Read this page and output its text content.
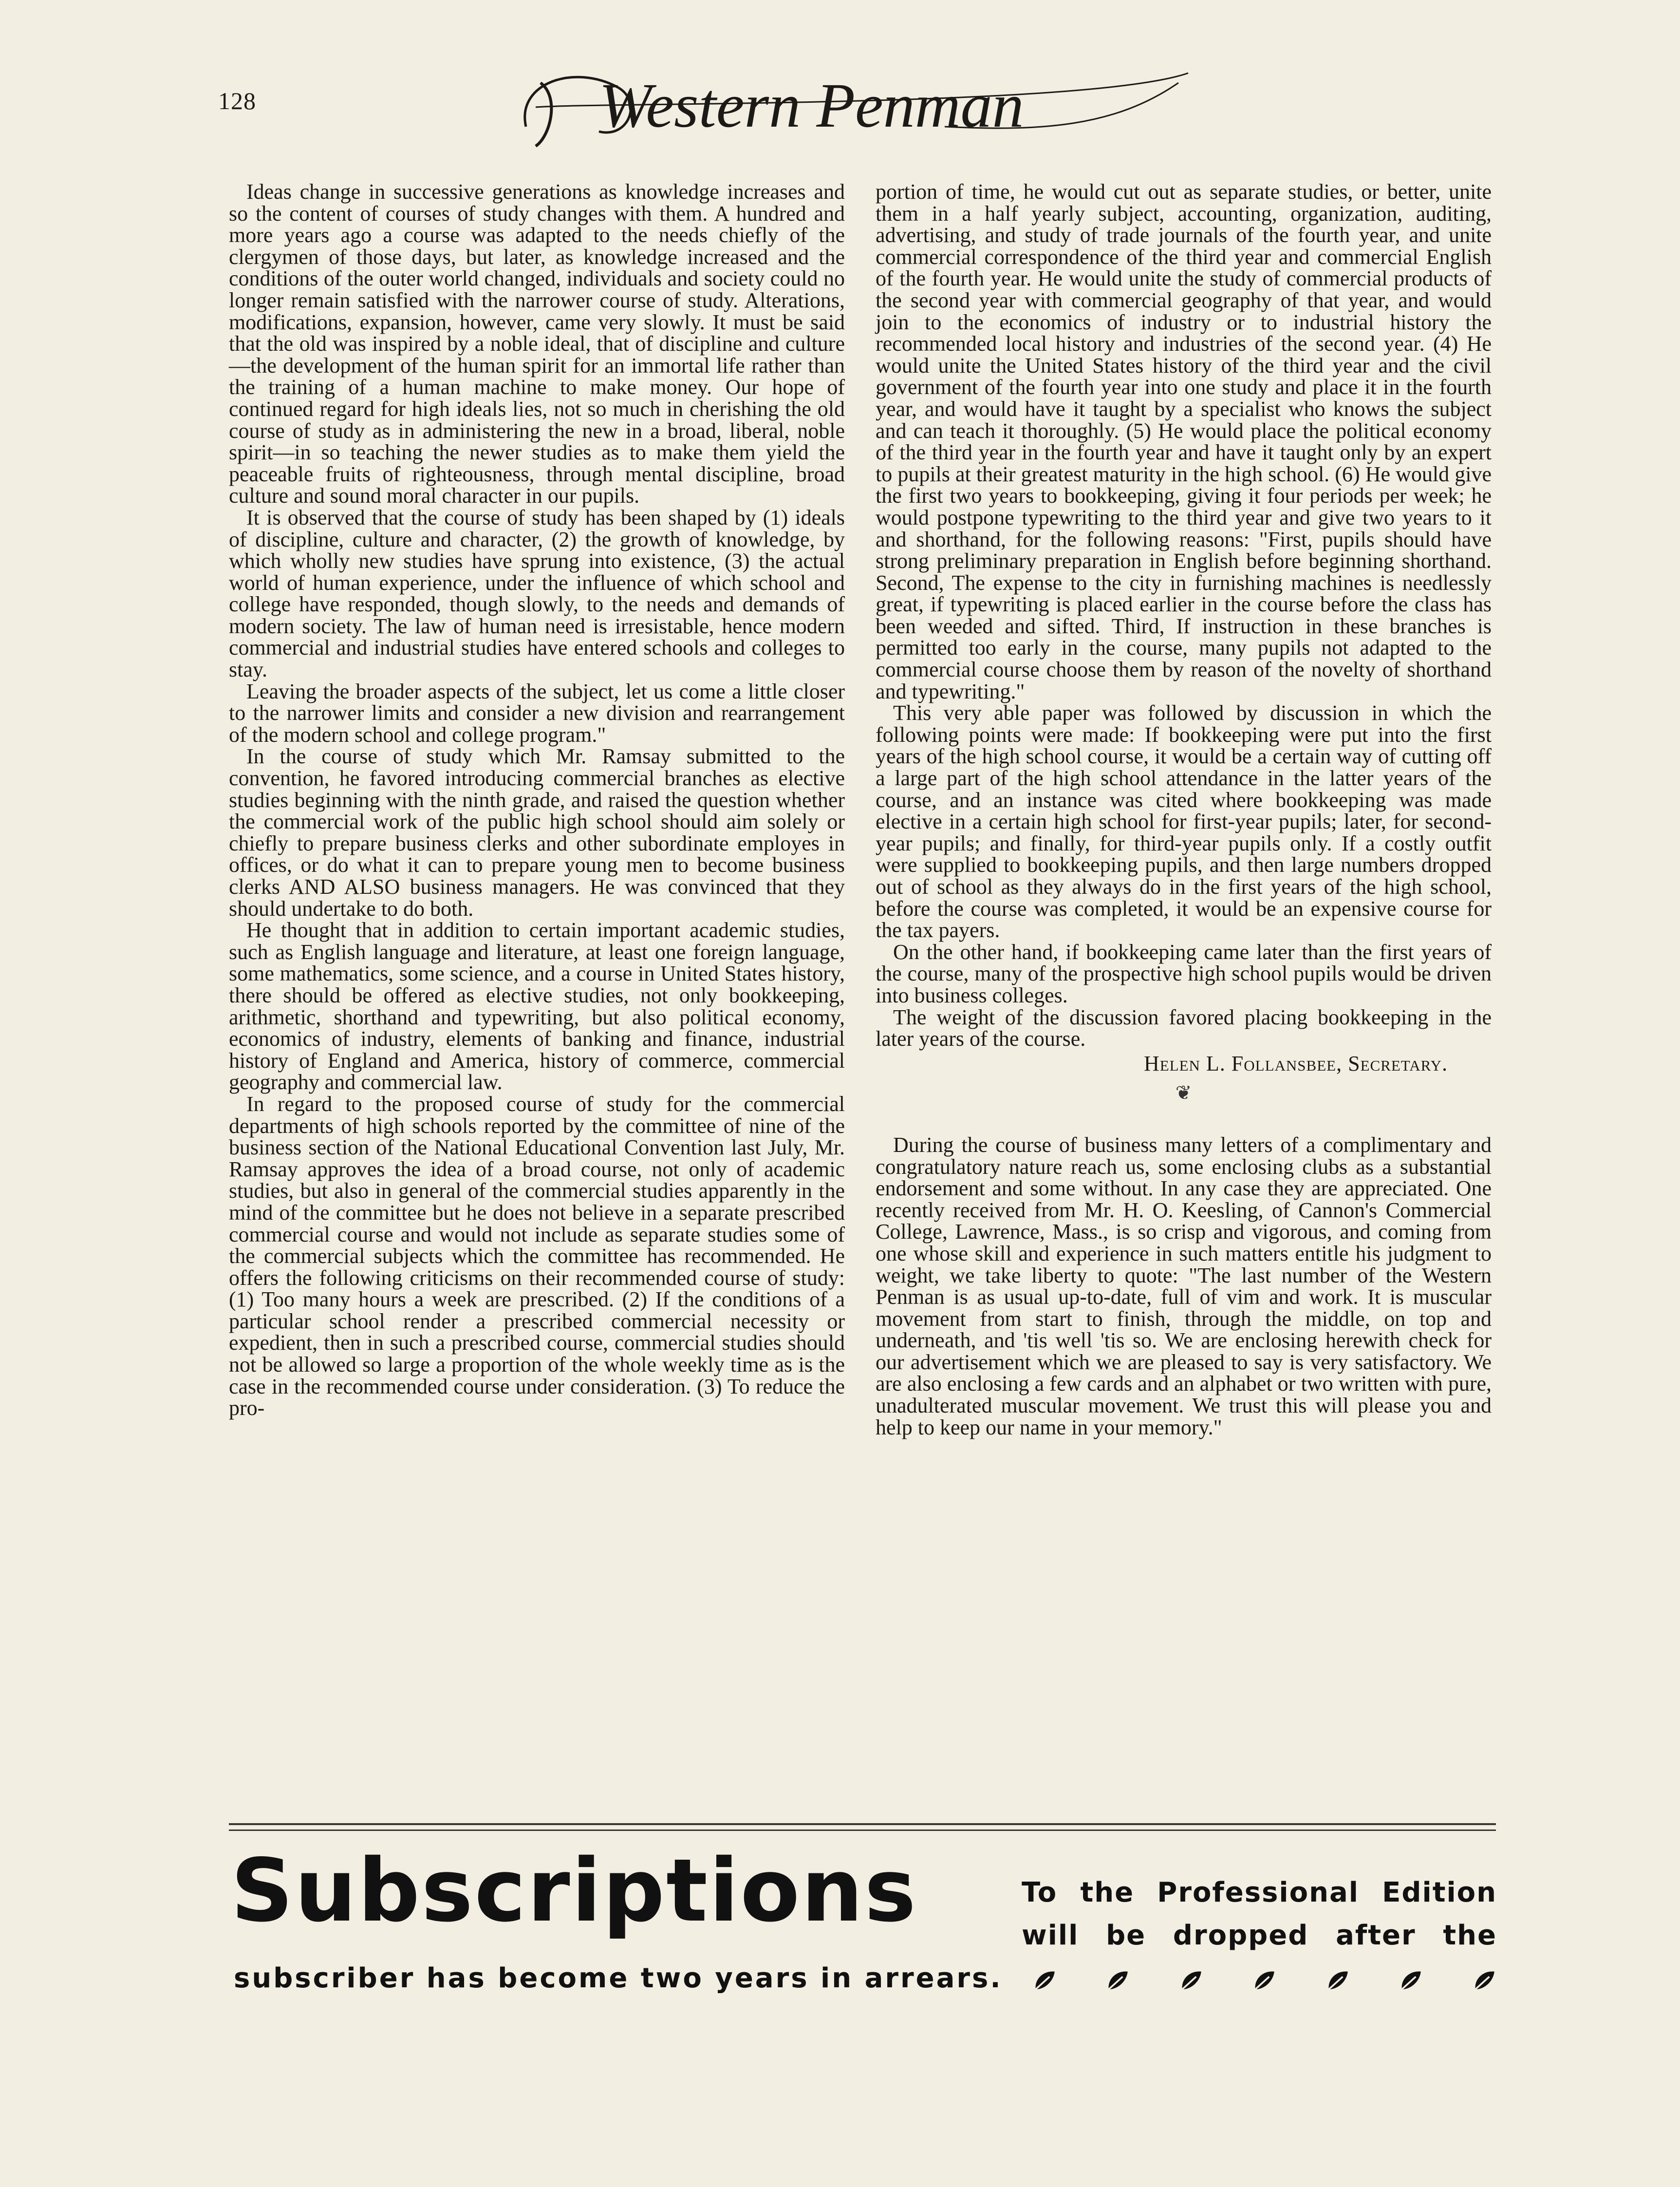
128	Western Penman

Ideas change in successive generations as knowledge increases and so the content of courses of study changes with them. A hundred and more years ago a course was adapted to the needs chiefly of the clergymen of those days, but later, as knowledge increased and the conditions of the outer world changed, individuals and society could no longer remain satisfied with the narrower course of study. Alterations, modifications, expansion, however, came very slowly. It must be said that the old was inspired by a noble ideal, that of discipline and culture—the development of the human spirit for an immortal life rather than the training of a human machine to make money. Our hope of continued regard for high ideals lies, not so much in cherishing the old course of study as in administering the new in a broad, liberal, noble spirit—in so teaching the newer studies as to make them yield the peaceable fruits of righteousness, through mental discipline, broad culture and sound moral character in our pupils.

It is observed that the course of study has been shaped by (1) ideals of discipline, culture and character, (2) the growth of knowledge, by which wholly new studies have sprung into existence, (3) the actual world of human experience, under the influence of which school and college have responded, though slowly, to the needs and demands of modern society. The law of human need is irresistable, hence modern commercial and industrial studies have entered schools and colleges to stay.

Leaving the broader aspects of the subject, let us come a little closer to the narrower limits and consider a new division and rearrangement of the modern school and college program."

In the course of study which Mr. Ramsay submitted to the convention, he favored introducing commercial branches as elective studies beginning with the ninth grade, and raised the question whether the commercial work of the public high school should aim solely or chiefly to prepare business clerks and other subordinate employes in offices, or do what it can to prepare young men to become business clerks AND ALSO business managers. He was convinced that they should undertake to do both.

He thought that in addition to certain important academic studies, such as English language and literature, at least one foreign language, some mathematics, some science, and a course in United States history, there should be offered as elective studies, not only bookkeeping, arithmetic, shorthand and typewriting, but also political economy, economics of industry, elements of banking and finance, industrial history of England and America, history of commerce, commercial geography and commercial law.

In regard to the proposed course of study for the commercial departments of high schools reported by the committee of nine of the business section of the National Educational Convention last July, Mr. Ramsay approves the idea of a broad course, not only of academic studies, but also in general of the commercial studies apparently in the mind of the committee but he does not believe in a separate prescribed commercial course and would not include as separate studies some of the commercial subjects which the committee has recommended. He offers the following criticisms on their recommended course of study: (1) Too many hours a week are prescribed. (2) If the conditions of a particular school render a prescribed commercial necessity or expedient, then in such a prescribed course, commercial studies should not be allowed so large a proportion of the whole weekly time as is the case in the recommended course under consideration. (3) To reduce the pro-

portion of time, he would cut out as separate studies, or better, unite them in a half yearly subject, accounting, organization, auditing, advertising, and study of trade journals of the fourth year, and unite commercial correspondence of the third year and commercial English of the fourth year. He would unite the study of commercial products of the second year with commercial geography of that year, and would join to the economics of industry or to industrial history the recommended local history and industries of the second year. (4) He would unite the United States history of the third year and the civil government of the fourth year into one study and place it in the fourth year, and would have it taught by a specialist who knows the subject and can teach it thoroughly. (5) He would place the political economy of the third year in the fourth year and have it taught only by an expert to pupils at their greatest maturity in the high school. (6) He would give the first two years to bookkeeping, giving it four periods per week; he would postpone typewriting to the third year and give two years to it and shorthand, for the following reasons: "First, pupils should have strong preliminary preparation in English before beginning shorthand. Second, The expense to the city in furnishing machines is needlessly great, if typewriting is placed earlier in the course before the class has been weeded and sifted. Third, If instruction in these branches is permitted too early in the course, many pupils not adapted to the commercial course choose them by reason of the novelty of shorthand and typewriting."

This very able paper was followed by discussion in which the following points were made: If bookkeeping were put into the first years of the high school course, it would be a certain way of cutting off a large part of the high school attendance in the latter years of the course, and an instance was cited where bookkeeping was made elective in a certain high school for first-year pupils; later, for second-year pupils; and finally, for third-year pupils only. If a costly outfit were supplied to bookkeeping pupils, and then large numbers dropped out of school as they always do in the first years of the high school, before the course was completed, it would be an expensive course for the tax payers.

On the other hand, if bookkeeping came later than the first years of the course, many of the prospective high school pupils would be driven into business colleges.

The weight of the discussion favored placing bookkeeping in the later years of the course.

Helen L. Follansbee, Secretary.
❦

During the course of business many letters of a complimentary and congratulatory nature reach us, some enclosing clubs as a substantial endorsement and some without. In any case they are appreciated. One recently received from Mr. H. O. Keesling, of Cannon's Commercial College, Lawrence, Mass., is so crisp and vigorous, and coming from one whose skill and experience in such matters entitle his judgment to weight, we take liberty to quote: "The last number of the Western Penman is as usual up-to-date, full of vim and work. It is muscular movement from start to finish, through the middle, on top and underneath, and 'tis well 'tis so. We are enclosing herewith check for our advertisement which we are pleased to say is very satisfactory. We are also enclosing a few cards and an alphabet or two written with pure, unadulterated muscular movement. We trust this will please you and help to keep our name in your memory."

Subscriptions	To the Professional Edition will be dropped after the
subscriber has become two years in arrears.
